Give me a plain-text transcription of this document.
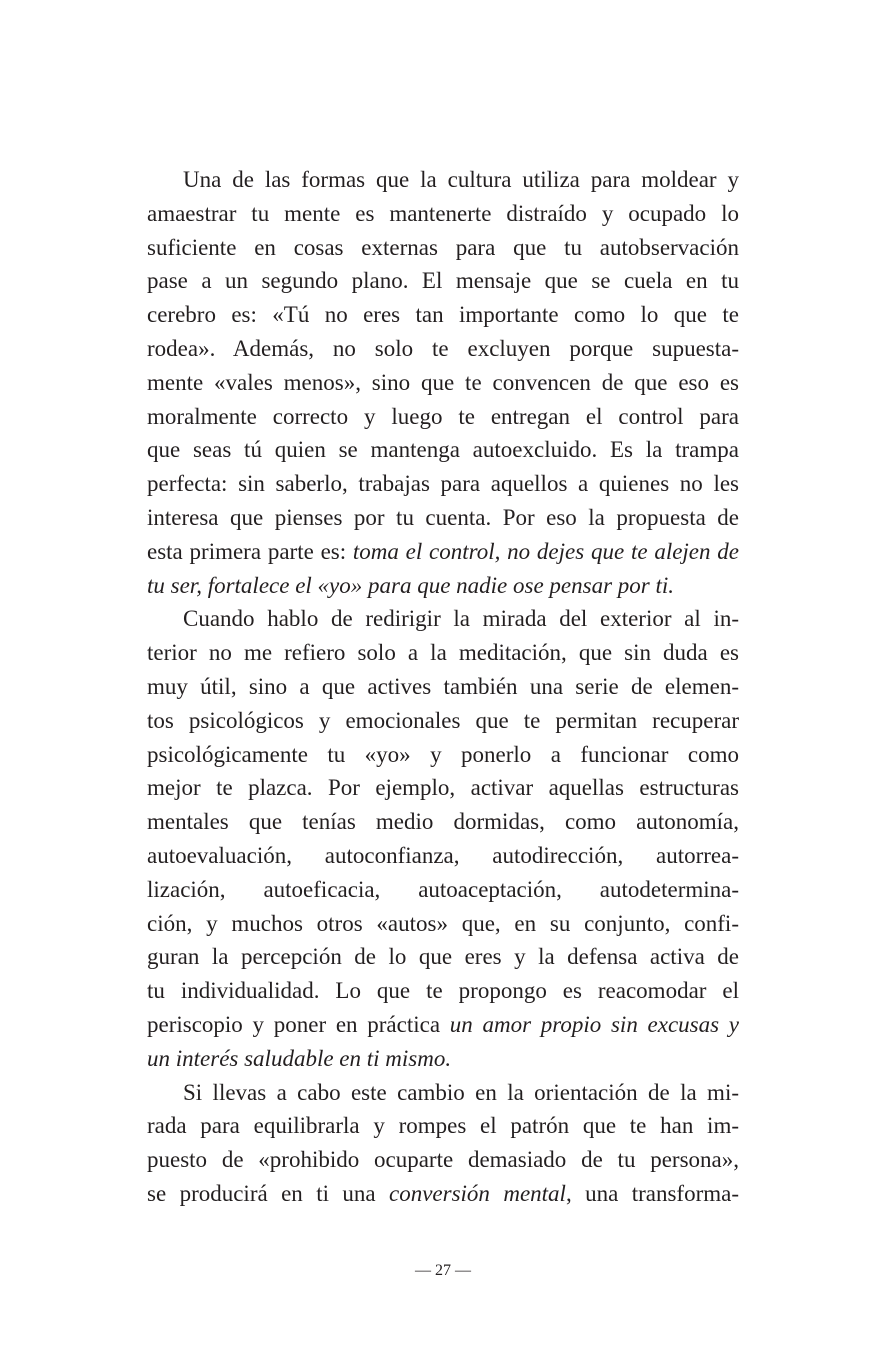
Una de las formas que la cultura utiliza para moldear y
amaestrar tu mente es mantenerte distraído y ocupado lo
suficiente en cosas externas para que tu autobservación
pase a un segundo plano. El mensaje que se cuela en tu
cerebro es: «Tú no eres tan importante como lo que te
rodea». Además, no solo te excluyen porque supuesta-
mente «vales menos», sino que te convencen de que eso es
moralmente correcto y luego te entregan el control para
que seas tú quien se mantenga autoexcluido. Es la trampa
perfecta: sin saberlo, trabajas para aquellos a quienes no les
interesa que pienses por tu cuenta. Por eso la propuesta de
esta primera parte es: toma el control, no dejes que te alejen de
tu ser, fortalece el «yo» para que nadie ose pensar por ti.
Cuando hablo de redirigir la mirada del exterior al in-
terior no me refiero solo a la meditación, que sin duda es
muy útil, sino a que actives también una serie de elemen-
tos psicológicos y emocionales que te permitan recuperar
psicológicamente tu «yo» y ponerlo a funcionar como
mejor te plazca. Por ejemplo, activar aquellas estructuras
mentales que tenías medio dormidas, como autonomía,
autoevaluación, autoconfianza, autodirección, autorrea-
lización, autoeficacia, autoaceptación, autodetermina-
ción, y muchos otros «autos» que, en su conjunto, confi-
guran la percepción de lo que eres y la defensa activa de
tu individualidad. Lo que te propongo es reacomodar el
periscopio y poner en práctica un amor propio sin excusas y
un interés saludable en ti mismo.
Si llevas a cabo este cambio en la orientación de la mi-
rada para equilibrarla y rompes el patrón que te han im-
puesto de «prohibido ocuparte demasiado de tu persona»,
se producirá en ti una conversión mental, una transforma-
— 27 —
